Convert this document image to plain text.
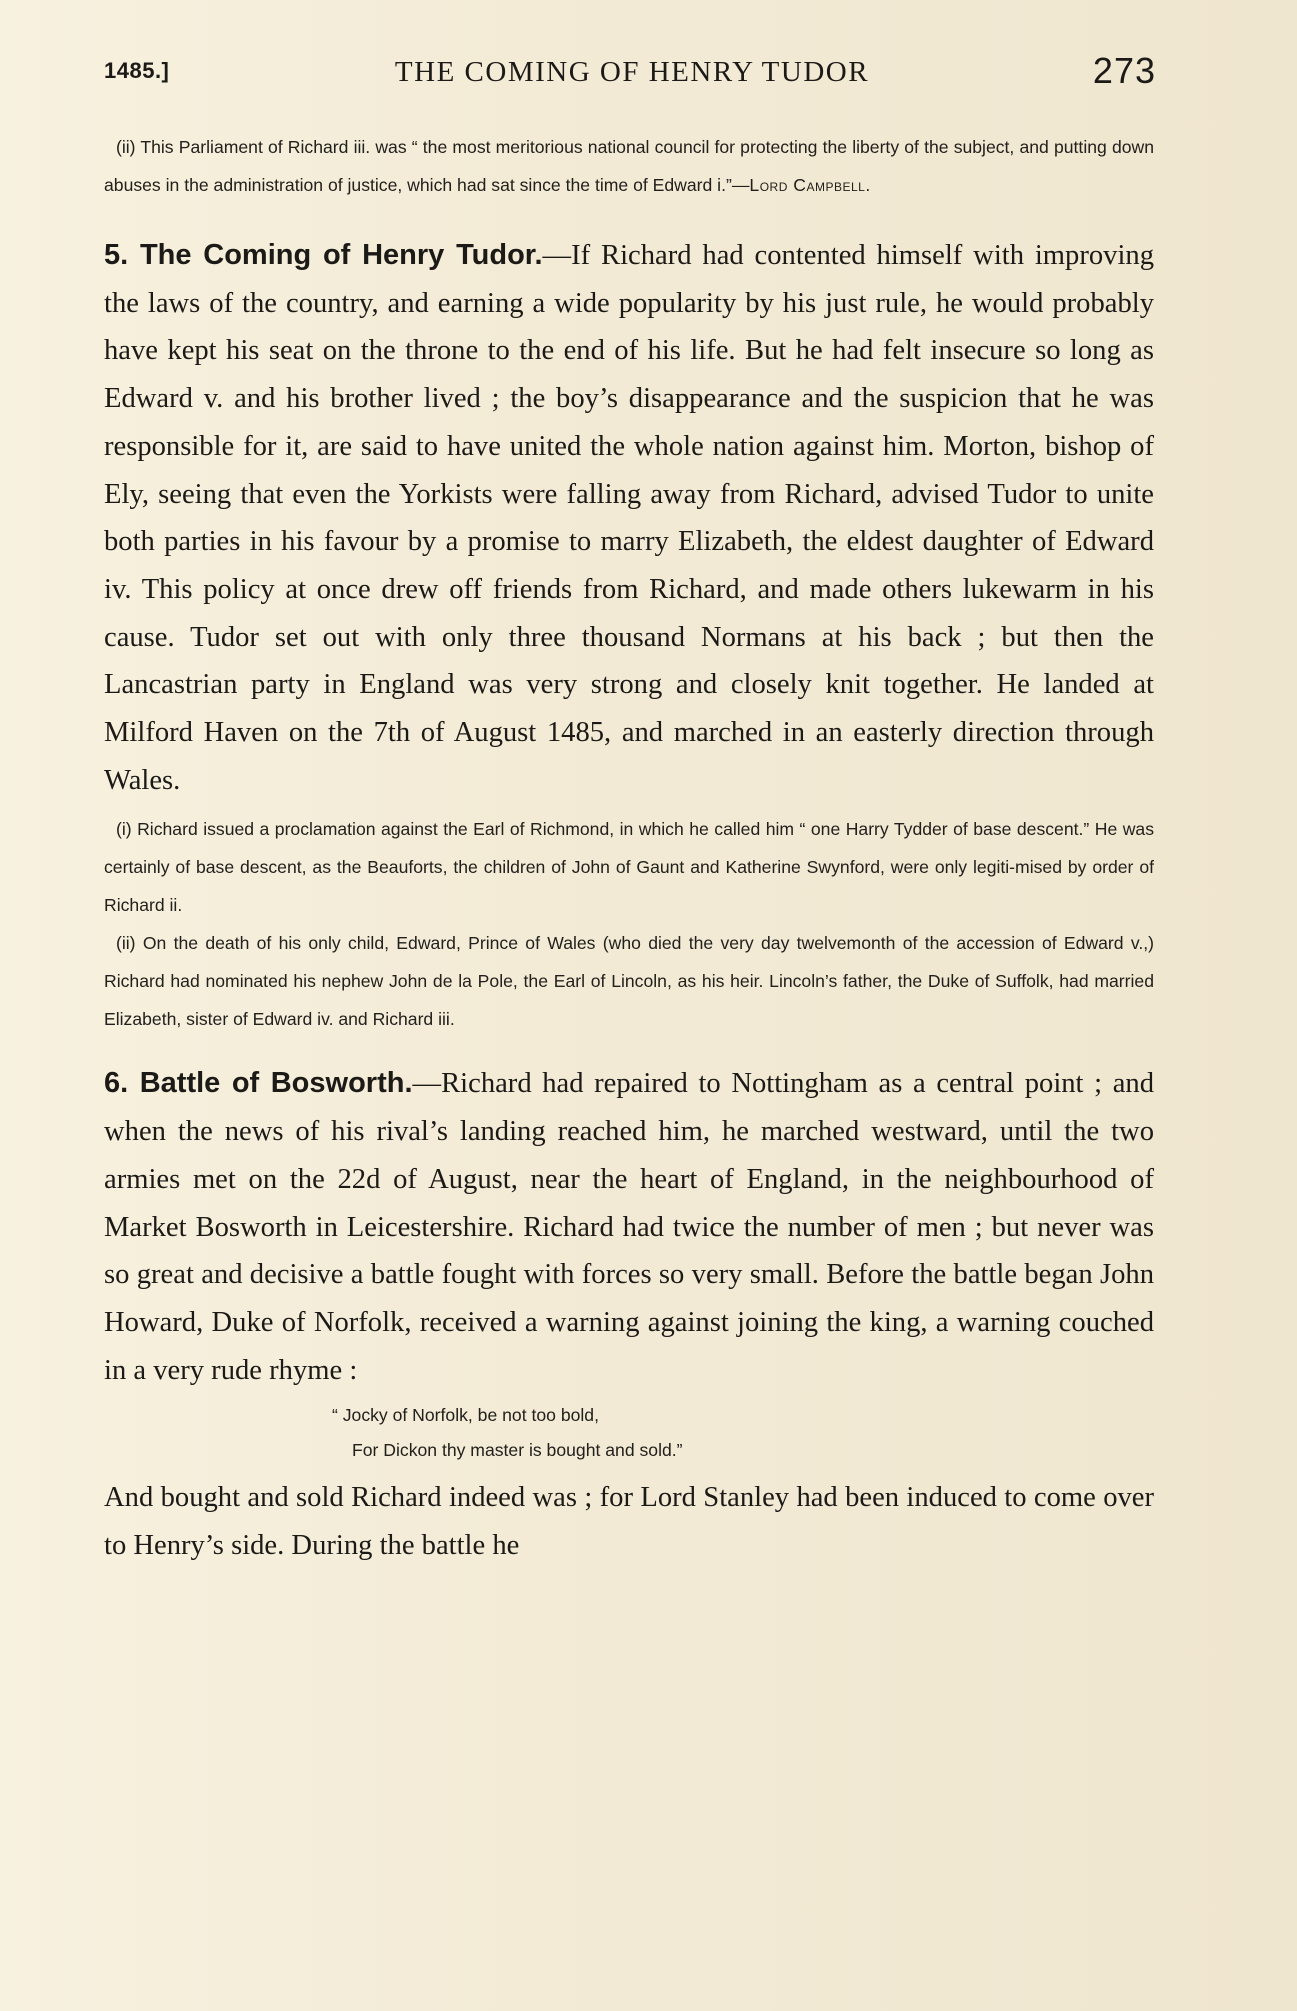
1485.]	THE COMING OF HENRY TUDOR	273

(ii) This Parliament of Richard iii. was “ the most meritorious national council for protecting the liberty of the subject, and putting down abuses in the administration of justice, which had sat since the time of Edward i.”—Lord Campbell.

5. The Coming of Henry Tudor.—If Richard had contented himself with improving the laws of the country, and earning a wide popularity by his just rule, he would probably have kept his seat on the throne to the end of his life. But he had felt insecure so long as Edward v. and his brother lived ; the boy’s disappearance and the suspicion that he was responsible for it, are said to have united the whole nation against him. Morton, bishop of Ely, seeing that even the Yorkists were falling away from Richard, advised Tudor to unite both parties in his favour by a promise to marry Elizabeth, the eldest daughter of Edward iv. This policy at once drew off friends from Richard, and made others lukewarm in his cause. Tudor set out with only three thousand Normans at his back ; but then the Lancastrian party in England was very strong and closely knit together. He landed at Milford Haven on the 7th of August 1485, and marched in an easterly direction through Wales.

(i) Richard issued a proclamation against the Earl of Richmond, in which he called him “ one Harry Tydder of base descent.” He was certainly of base descent, as the Beauforts, the children of John of Gaunt and Katherine Swynford, were only legiti-mised by order of Richard ii.

(ii) On the death of his only child, Edward, Prince of Wales (who died the very day twelvemonth of the accession of Edward v.,) Richard had nominated his nephew John de la Pole, the Earl of Lincoln, as his heir. Lincoln’s father, the Duke of Suffolk, had married Elizabeth, sister of Edward iv. and Richard iii.

6. Battle of Bosworth.—Richard had repaired to Nottingham as a central point ; and when the news of his rival’s landing reached him, he marched westward, until the two armies met on the 22d of August, near the heart of England, in the neighbourhood of Market Bosworth in Leicestershire. Richard had twice the number of men ; but never was so great and decisive a battle fought with forces so very small. Before the battle began John Howard, Duke of Norfolk, received a warning against joining the king, a warning couched in a very rude rhyme :

“ Jocky of Norfolk, be not too bold,
For Dickon thy master is bought and sold.”

And bought and sold Richard indeed was ; for Lord Stanley had been induced to come over to Henry’s side. During the battle he
